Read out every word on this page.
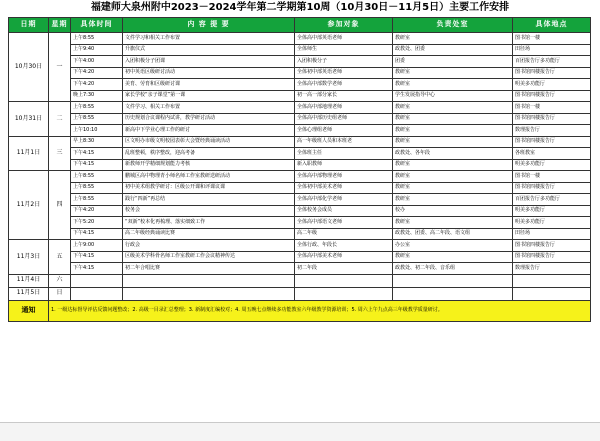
福建师大泉州附中2023－2024学年第二学期第10周（10月30日－11月5日）主要工作安排
日期	星期	具体时间	内 容 提 要	参加对象	负责处室	具体地点
10月30日	一	上午8:55	文件学习和相关工作布置	全体高中部英语老师	教研室	图书馆一楼
		上午9:40	升旗仪式	全体师生	政教处、团委	田径场
		下午4:00	入团积极分子团课	入团积极分子	团委	百团报告厅多功能厅
		下午4:20	初中英语区级研讨活动	全体初中部英语老师	教研室	图书馆四楼报告厅
		下午4:20	美育、劳育和区级研讨课	全体高中部数学老师	教研室	明美多功能厅
		晚上7:30	家长学校“亲子课堂”第一课	初一高一部分家长	学生发展指导中心	图书馆四楼报告厅
10月31日	二	上午8:55	文件学习、相关工作布置	全体高中部地理老师	教研室	图书馆一楼
		上午8:55	历史规划合议课程内试讲，教学研讨活动	全体高中部历史组老师	教研室	图书馆四楼报告厅
		上午10:10	新高中下学业心理工作的研讨	全体心理组老师	教研室	数理报告厅
11月1日	三	早上8:30	区文明办市级文明校园表彰大会暨经典诵读活动	高一年级班人员和本班老	教研室	图书馆四楼报告厅
		下午4:15	乱班整顿，秩序整改，迎高考备	全体班主任	政教处、各年段	各班教室
		下午4:15	新教师开学精细规划能力考核	新入职教师	教研室	明美多功能厅
11月2日	四	上午8:55	鹏城区高中物理青小师名师工作室教研送研活动	全体高中部物理老师	教研室	图书馆一楼
		上午8:55	初中美术组教学研讨：区级公开课和评课议课	全体初中部美术老师	教研室	图书馆四楼报告厅
		上午8:55	践行“四新”再总结	全体高中部化学老师	教研室	百团报告厅多功能厅
		下午4:20	校务会	全体校务会成员	校办	明美多功能厅
		下午5:20	“双新”校本化再梳理、落实细致工作	全体高中部语文老师	教研室	明美多功能厅
		下午4:15	高二年级经典诵读比赛	高二年级	政教处、团委、高二年段、语文组	田径场
11月3日	五	上午9:00	行政会	全体行政、年段长	办公室	图书馆四楼报告厅
		下午4:15	区级美术学科骨名师工作室教研工作会议精神传达	全体高中部美术老师	教研室	图书馆四楼报告厅
		下午4:15	初二年合唱比赛	初二年段	政教处、初二年段、音乐组	数理报告厅
11月4日	六					
11月5日	日					
通知	1. 一级达标督导评估反馈问题整改；2. 高级一目录汇总整理；3. 新制度汇编校对；4. 周五晚七点继续多功能教室六年级教学资源培训；5. 周六上午九点高三年级教学质量研讨。					
